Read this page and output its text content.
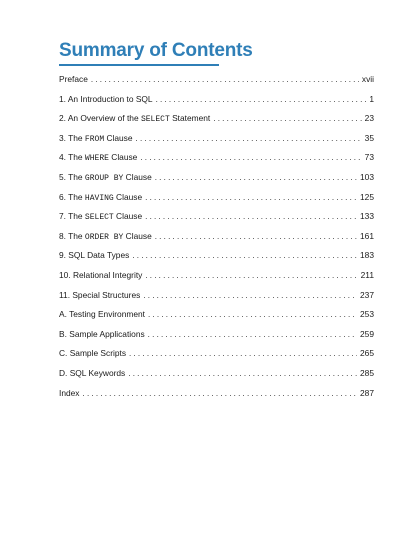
Summary of Contents
Preface . . .	xvii
1. An Introduction to SQL . . .	1
2. An Overview of the SELECT Statement . . .	23
3. The FROM Clause . . .	35
4. The WHERE Clause . . .	73
5. The GROUP BY Clause . . .	103
6. The HAVING Clause . . .	125
7. The SELECT Clause . . .	133
8. The ORDER BY Clause . . .	161
9. SQL Data Types . . .	183
10. Relational Integrity . . .	211
11. Special Structures . . .	237
A. Testing Environment . . .	253
B. Sample Applications . . .	259
C. Sample Scripts . . .	265
D. SQL Keywords . . .	285
Index . . .	287
